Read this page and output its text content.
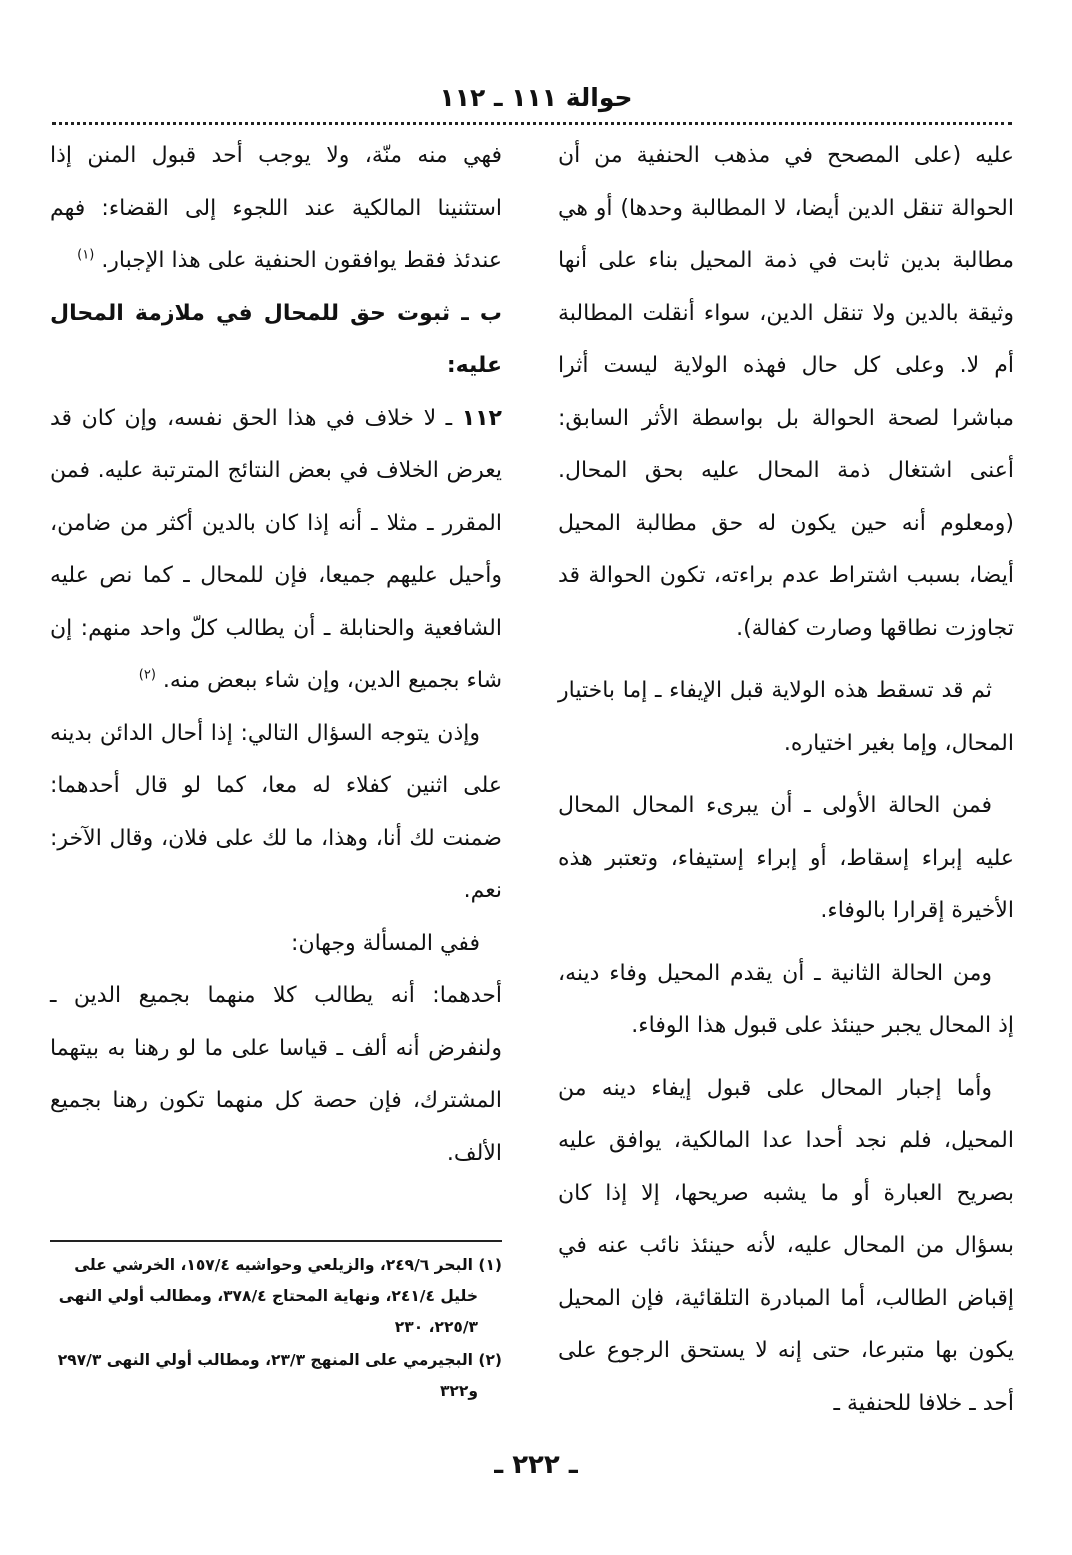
حوالة ١١١ ـ ١١٢

عليه (على المصحح في مذهب الحنفية من أن الحوالة تنقل الدين أيضا، لا المطالبة وحدها) أو هي مطالبة بدين ثابت في ذمة المحيل بناء على أنها وثيقة بالدين ولا تنقل الدين، سواء أنقلت المطالبة أم لا. وعلى كل حال فهذه الولاية ليست أثرا مباشرا لصحة الحوالة بل بواسطة الأثر السابق: أعنى اشتغال ذمة المحال عليه بحق المحال. (ومعلوم أنه حين يكون له حق مطالبة المحيل أيضا، بسبب اشتراط عدم براءته، تكون الحوالة قد تجاوزت نطاقها وصارت كفالة).

ثم قد تسقط هذه الولاية قبل الإيفاء ـ إما باختيار المحال، وإما بغير اختياره.

فمن الحالة الأولى ـ أن يبرىء المحال المحال عليه إبراء إسقاط، أو إبراء إستيفاء، وتعتبر هذه الأخيرة إقرارا بالوفاء.

ومن الحالة الثانية ـ أن يقدم المحيل وفاء دينه، إذ المحال يجبر حينئذ على قبول هذا الوفاء.

وأما إجبار المحال على قبول إيفاء دينه من المحيل، فلم نجد أحدا عدا المالكية، يوافق عليه بصريح العبارة أو ما يشبه صريحها، إلا إذا كان بسؤال من المحال عليه، لأنه حينئذ نائب عنه في إقباض الطالب، أما المبادرة التلقائية، فإن المحيل يكون بها متبرعا، حتى إنه لا يستحق الرجوع على أحد ـ خلافا للحنفية ـ

فهي منه منّة، ولا يوجب أحد قبول المنن إذا استثنينا المالكية عند اللجوء إلى القضاء: فهم عندئذ فقط يوافقون الحنفية على هذا الإجبار. $^{(١)}$

ب ـ ثبوت حق للمحال في ملازمة المحال عليه:

١١٢ ـ لا خلاف في هذا الحق نفسه، وإن كان قد يعرض الخلاف في بعض النتائج المترتبة عليه. فمن المقرر ـ مثلا ـ أنه إذا كان بالدين أكثر من ضامن، وأحيل عليهم جميعا، فإن للمحال ـ كما نص عليه الشافعية والحنابلة ـ أن يطالب كلّ واحد منهم: إن شاء بجميع الدين، وإن شاء ببعض منه. $^{(٢)}$

وإذن يتوجه السؤال التالي: إذا أحال الدائن بدينه على اثنين كفلاء له معا، كما لو قال أحدهما: ضمنت لك أنا، وهذا، ما لك على فلان، وقال الآخر: نعم.

ففي المسألة وجهان:

أحدهما: أنه يطالب كلا منهما بجميع الدين ـ ولنفرض أنه ألف ـ قياسا على ما لو رهنا به بيتهما المشترك، فإن حصة كل منهما تكون رهنا بجميع الألف.

(١) البحر ٢٤٩/٦، والزيلعي وحواشيه ١٥٧/٤، الخرشي على خليل ٢٤١/٤، ونهاية المحتاج ٣٧٨/٤، ومطالب أولي النهى ٢٢٥/٣، ٢٣٠

(٢) البجيرمي على المنهج ٢٣/٣، ومطالب أولي النهى ٢٩٧/٣ و٣٢٢

ـ ٢٢٢ ـ
